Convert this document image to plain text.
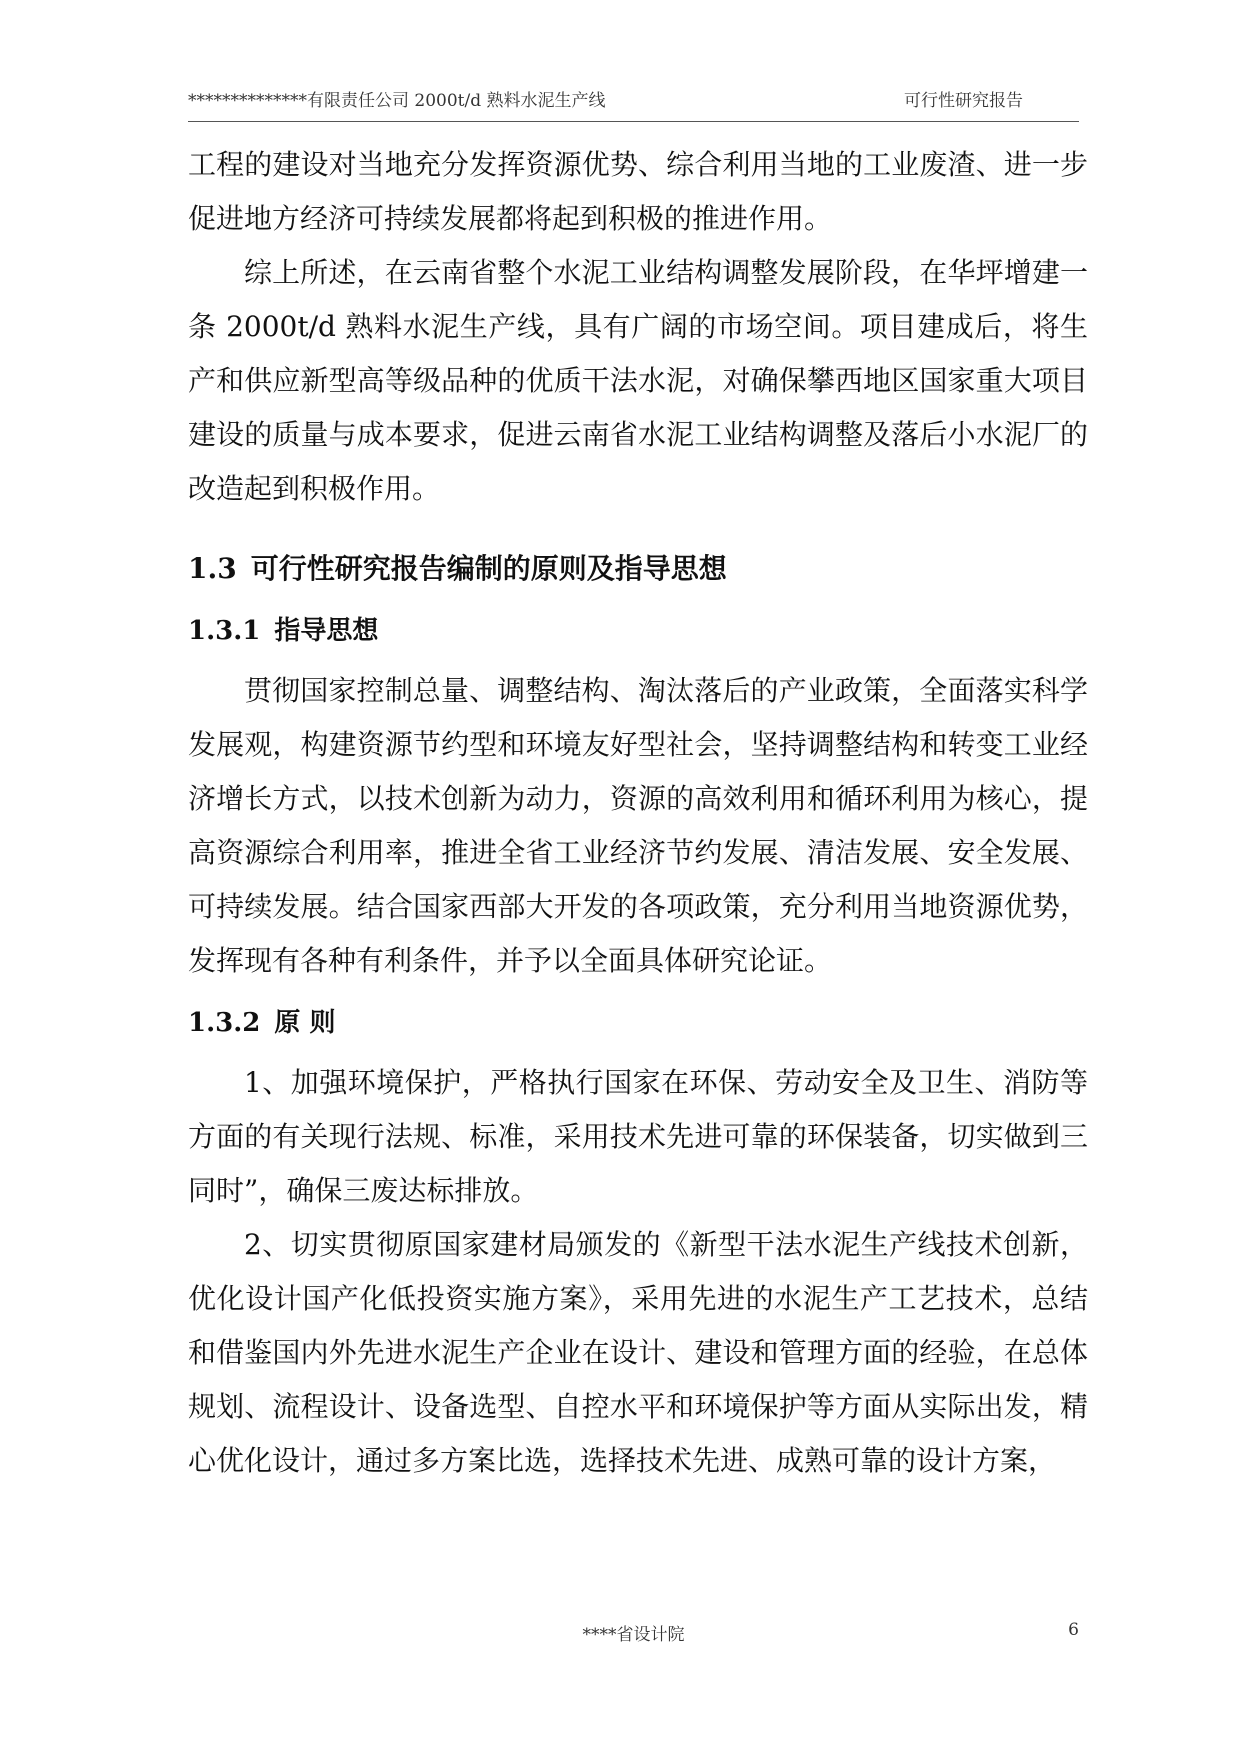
**************有限责任公司 2000t/d 熟料水泥生产线	可行性研究报告

工程的建设对当地充分发挥资源优势、综合利用当地的工业废渣、进一步促进地方经济可持续发展都将起到积极的推进作用。

综上所述，在云南省整个水泥工业结构调整发展阶段，在华坪增建一条 2000t/d 熟料水泥生产线，具有广阔的市场空间。项目建成后，将生产和供应新型高等级品种的优质干法水泥，对确保攀西地区国家重大项目建设的质量与成本要求，促进云南省水泥工业结构调整及落后小水泥厂的改造起到积极作用。

1.3 可行性研究报告编制的原则及指导思想
1.3.1 指导思想

贯彻国家控制总量、调整结构、淘汰落后的产业政策，全面落实科学发展观，构建资源节约型和环境友好型社会，坚持调整结构和转变工业经济增长方式，以技术创新为动力，资源的高效利用和循环利用为核心，提高资源综合利用率，推进全省工业经济节约发展、清洁发展、安全发展、可持续发展。结合国家西部大开发的各项政策，充分利用当地资源优势，发挥现有各种有利条件，并予以全面具体研究论证。

1.3.2 原 则

1、加强环境保护，严格执行国家在环保、劳动安全及卫生、消防等方面的有关现行法规、标准，采用技术先进可靠的环保装备，切实做到三同时”，确保三废达标排放。

2、切实贯彻原国家建材局颁发的《新型干法水泥生产线技术创新，优化设计国产化低投资实施方案》，采用先进的水泥生产工艺技术，总结和借鉴国内外先进水泥生产企业在设计、建设和管理方面的经验，在总体规划、流程设计、设备选型、自控水平和环境保护等方面从实际出发，精心优化设计，通过多方案比选，选择技术先进、成熟可靠的设计方案，

****省设计院	6
